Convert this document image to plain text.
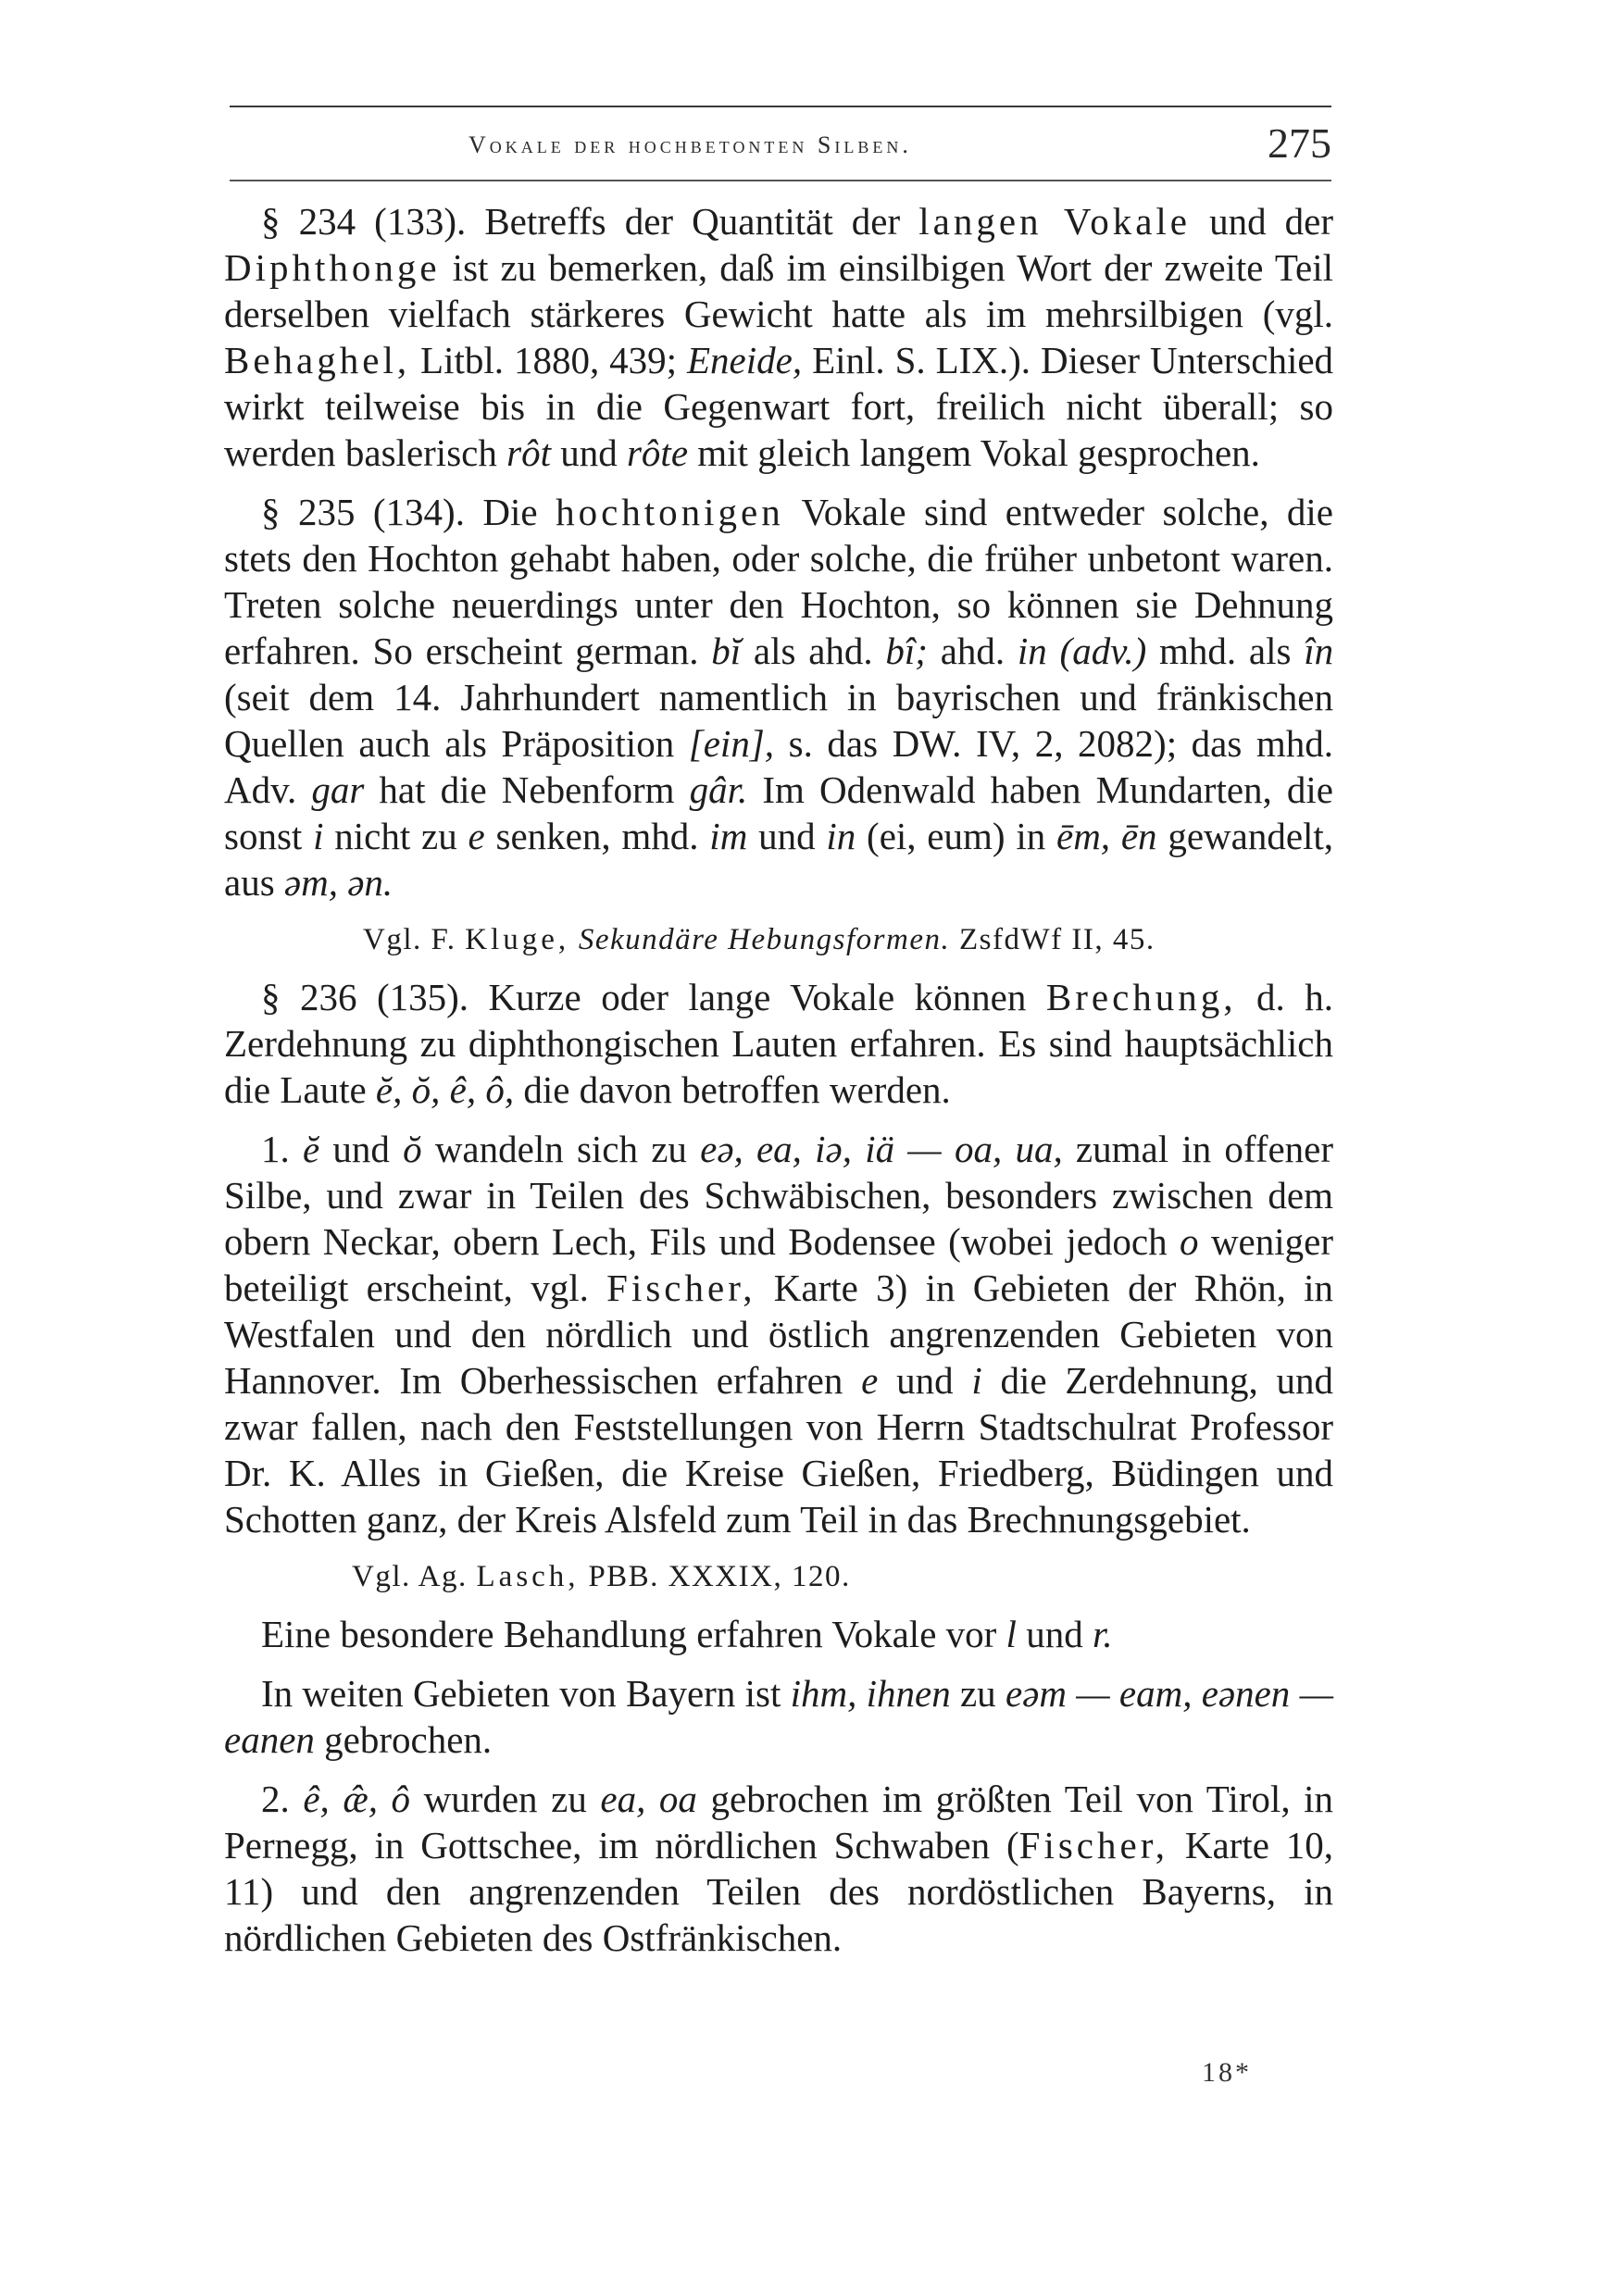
Vokale der hochbetonten Silben.	275

§ 234 (133). Betreffs der Quantität der langen Vokale und der Diphthonge ist zu bemerken, daß im einsilbigen Wort der zweite Teil derselben vielfach stärkeres Gewicht hatte als im mehrsilbigen (vgl. Behaghel, Litbl. 1880, 439; Eneide, Einl. S. LIX.). Dieser Unterschied wirkt teilweise bis in die Gegenwart fort, freilich nicht überall; so werden baslerisch rôt und rôte mit gleich langem Vokal gesprochen.

§ 235 (134). Die hochtonigen Vokale sind entweder solche, die stets den Hochton gehabt haben, oder solche, die früher unbetont waren. Treten solche neuerdings unter den Hochton, so können sie Dehnung erfahren. So erscheint german. bĭ als ahd. bî; ahd. in (adv.) mhd. als în (seit dem 14. Jahrhundert namentlich in bayrischen und fränkischen Quellen auch als Präposition [ein], s. das DW. IV, 2, 2082); das mhd. Adv. gar hat die Nebenform gâr. Im Odenwald haben Mundarten, die sonst i nicht zu e senken, mhd. im und in (ei, eum) in ēm, ēn gewandelt, aus əm, ən.

Vgl. F. Kluge, Sekundäre Hebungsformen. ZsfdWf II, 45.

§ 236 (135). Kurze oder lange Vokale können Brechung, d. h. Zerdehnung zu diphthongischen Lauten erfahren. Es sind hauptsächlich die Laute ĕ, ŏ, ê, ô, die davon betroffen werden.

1. ĕ und ŏ wandeln sich zu eə, ea, iə, iä — oa, ua, zumal in offener Silbe, und zwar in Teilen des Schwäbischen, besonders zwischen dem obern Neckar, obern Lech, Fils und Bodensee (wobei jedoch o weniger beteiligt erscheint, vgl. Fischer, Karte 3) in Gebieten der Rhön, in Westfalen und den nördlich und östlich angrenzenden Gebieten von Hannover. Im Oberhessischen erfahren e und i die Zerdehnung, und zwar fallen, nach den Feststellungen von Herrn Stadtschulrat Professor Dr. K. Alles in Gießen, die Kreise Gießen, Friedberg, Büdingen und Schotten ganz, der Kreis Alsfeld zum Teil in das Brechnungsgebiet.

Vgl. Ag. Lasch, PBB. XXXIX, 120.

Eine besondere Behandlung erfahren Vokale vor l und r.

In weiten Gebieten von Bayern ist ihm, ihnen zu eəm — eam, eənen — eanen gebrochen.

2. ê, æ̂, ô wurden zu ea, oa gebrochen im größten Teil von Tirol, in Pernegg, in Gottschee, im nördlichen Schwaben (Fischer, Karte 10, 11) und den angrenzenden Teilen des nordöstlichen Bayerns, in nördlichen Gebieten des Ostfränkischen.

18*
